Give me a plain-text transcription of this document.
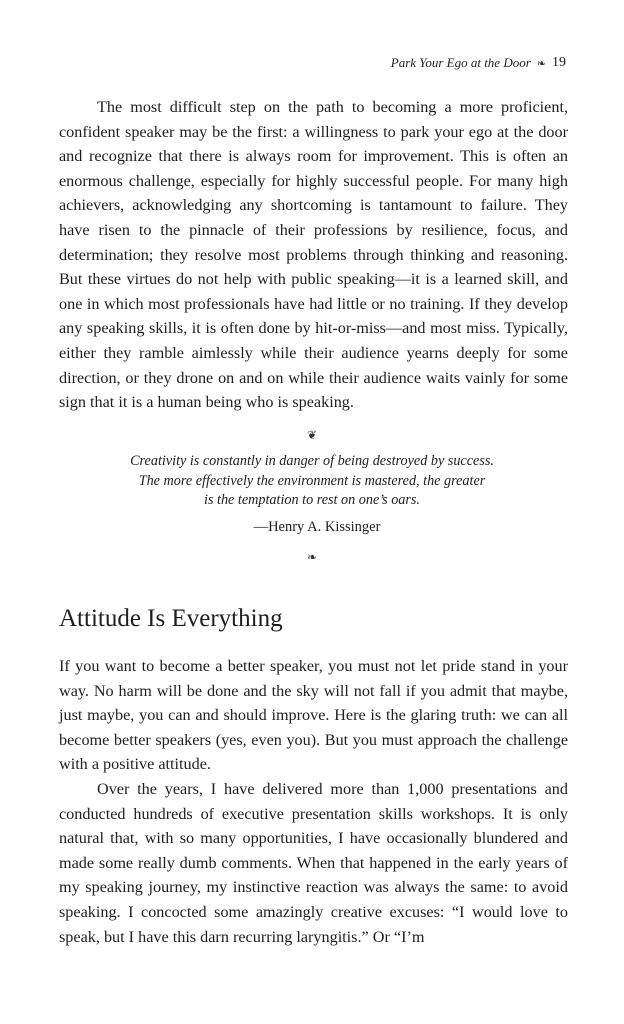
Park Your Ego at the Door ❧ 19

The most difficult step on the path to becoming a more proficient, confident speaker may be the first: a willingness to park your ego at the door and recognize that there is always room for improvement. This is often an enormous challenge, especially for highly successful people. For many high achievers, acknowledging any shortcoming is tantamount to failure. They have risen to the pinnacle of their professions by resilience, focus, and determination; they resolve most problems through thinking and reasoning. But these virtues do not help with public speaking—it is a learned skill, and one in which most professionals have had little or no training. If they develop any speaking skills, it is often done by hit-or-miss—and most miss. Typically, either they ramble aimlessly while their audience yearns deeply for some direction, or they drone on and on while their audience waits vainly for some sign that it is a human being who is speaking.

❦
Creativity is constantly in danger of being destroyed by success.
The more effectively the environment is mastered, the greater
is the temptation to rest on one’s oars.
—Henry A. Kissinger
❧
Attitude Is Everything

If you want to become a better speaker, you must not let pride stand in your way. No harm will be done and the sky will not fall if you admit that maybe, just maybe, you can and should improve. Here is the glaring truth: we can all become better speakers (yes, even you). But you must approach the challenge with a positive attitude.

Over the years, I have delivered more than 1,000 presentations and conducted hundreds of executive presentation skills workshops. It is only natural that, with so many opportunities, I have occasionally blundered and made some really dumb comments. When that happened in the early years of my speaking journey, my instinctive reaction was always the same: to avoid speaking. I concocted some amazingly creative excuses: “I would love to speak, but I have this darn recurring laryngitis.” Or “I’m
